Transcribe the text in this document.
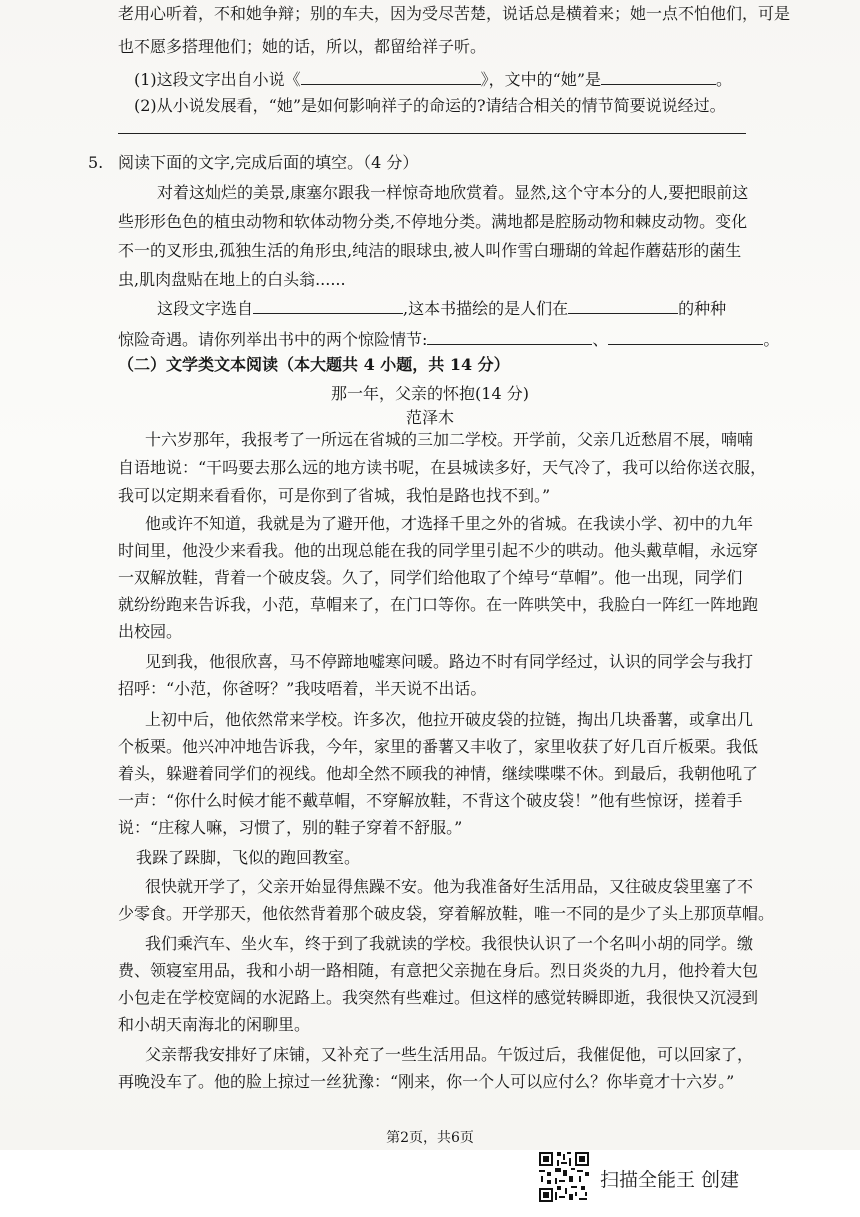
老用心听着，不和她争辩；别的车夫，因为受尽苦楚，说话总是横着来；她一点不怕他们，可是
也不愿多搭理他们；她的话，所以，都留给祥子听。
(1)这段文字出自小说《	》，文中的“她”是	。
(2)从小说发展看，“她”是如何影响祥子的命运的?请结合相关的情节简要说说经过。
5. 阅读下面的文字,完成后面的填空。（4 分）
对着这灿烂的美景,康塞尔跟我一样惊奇地欣赏着。显然,这个守本分的人,要把眼前这
些形形色色的植虫动物和软体动物分类,不停地分类。满地都是腔肠动物和棘皮动物。变化
不一的叉形虫,孤独生活的角形虫,纯洁的眼球虫,被人叫作雪白珊瑚的耸起作蘑菇形的菌生
虫,肌肉盘贴在地上的白头翁......
这段文字选自	,这本书描绘的是人们在	的种种
惊险奇遇。请你列举出书中的两个惊险情节:	、	。
（二）文学类文本阅读（本大题共 4 小题，共 14 分）
那一年，父亲的怀抱(14 分)
范泽木
十六岁那年，我报考了一所远在省城的三加二学校。开学前，父亲几近愁眉不展，喃喃
自语地说：“干吗要去那么远的地方读书呢，在县城读多好，天气冷了，我可以给你送衣服，
我可以定期来看看你，可是你到了省城，我怕是路也找不到。”
他或许不知道，我就是为了避开他，才选择千里之外的省城。在我读小学、初中的九年
时间里，他没少来看我。他的出现总能在我的同学里引起不少的哄动。他头戴草帽，永远穿
一双解放鞋，背着一个破皮袋。久了，同学们给他取了个绰号“草帽”。他一出现，同学们
就纷纷跑来告诉我，小范，草帽来了，在门口等你。在一阵哄笑中，我脸白一阵红一阵地跑
出校园。
见到我，他很欣喜，马不停蹄地嘘寒问暖。路边不时有同学经过，认识的同学会与我打
招呼：“小范，你爸呀？”我吱唔着，半天说不出话。
上初中后，他依然常来学校。许多次，他拉开破皮袋的拉链，掏出几块番薯，或拿出几
个板栗。他兴冲冲地告诉我，今年，家里的番薯又丰收了，家里收获了好几百斤板栗。我低
着头，躲避着同学们的视线。他却全然不顾我的神情，继续喋喋不休。到最后，我朝他吼了
一声：“你什么时候才能不戴草帽，不穿解放鞋，不背这个破皮袋！”他有些惊讶，搓着手
说：“庄稼人嘛，习惯了，别的鞋子穿着不舒服。”
我跺了跺脚，飞似的跑回教室。
很快就开学了，父亲开始显得焦躁不安。他为我准备好生活用品，又往破皮袋里塞了不
少零食。开学那天，他依然背着那个破皮袋，穿着解放鞋，唯一不同的是少了头上那顶草帽。
我们乘汽车、坐火车，终于到了我就读的学校。我很快认识了一个名叫小胡的同学。缴
费、领寝室用品，我和小胡一路相随，有意把父亲抛在身后。烈日炎炎的九月，他拎着大包
小包走在学校宽阔的水泥路上。我突然有些难过。但这样的感觉转瞬即逝，我很快又沉浸到
和小胡天南海北的闲聊里。
父亲帮我安排好了床铺，又补充了一些生活用品。午饭过后，我催促他，可以回家了，
再晚没车了。他的脸上掠过一丝犹豫：“刚来，你一个人可以应付么？你毕竟才十六岁。”
第2页，共6页
扫描全能王 创建
